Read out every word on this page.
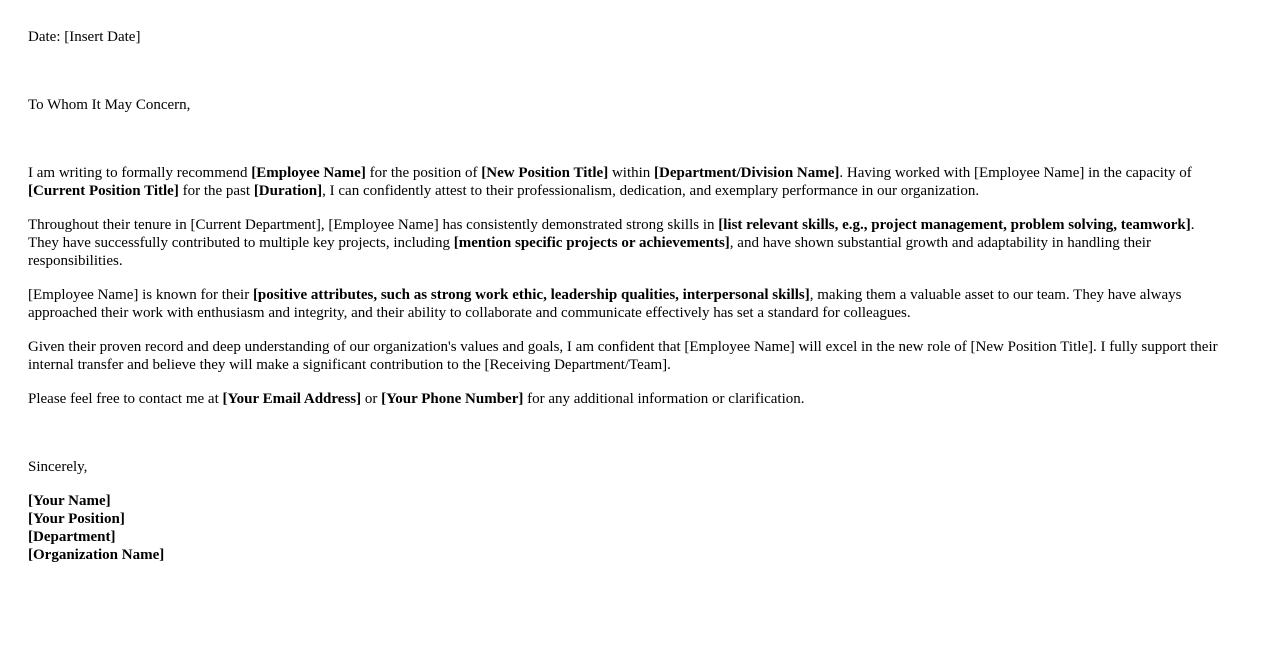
Date: [Insert Date]
To Whom It May Concern,

I am writing to formally recommend [Employee Name] for the position of [New Position Title] within [Department/Division Name]. Having worked with [Employee Name] in the capacity of [Current Position Title] for the past [Duration], I can confidently attest to their professionalism, dedication, and exemplary performance in our organization.

Throughout their tenure in [Current Department], [Employee Name] has consistently demonstrated strong skills in [list relevant skills, e.g., project management, problem solving, teamwork]. They have successfully contributed to multiple key projects, including [mention specific projects or achievements], and have shown substantial growth and adaptability in handling their responsibilities.

[Employee Name] is known for their [positive attributes, such as strong work ethic, leadership qualities, interpersonal skills], making them a valuable asset to our team. They have always approached their work with enthusiasm and integrity, and their ability to collaborate and communicate effectively has set a standard for colleagues.

Given their proven record and deep understanding of our organization's values and goals, I am confident that [Employee Name] will excel in the new role of [New Position Title]. I fully support their internal transfer and believe they will make a significant contribution to the [Receiving Department/Team].

Please feel free to contact me at [Your Email Address] or [Your Phone Number] for any additional information or clarification.

Sincerely,
[Your Name]
[Your Position]
[Department]
[Organization Name]
